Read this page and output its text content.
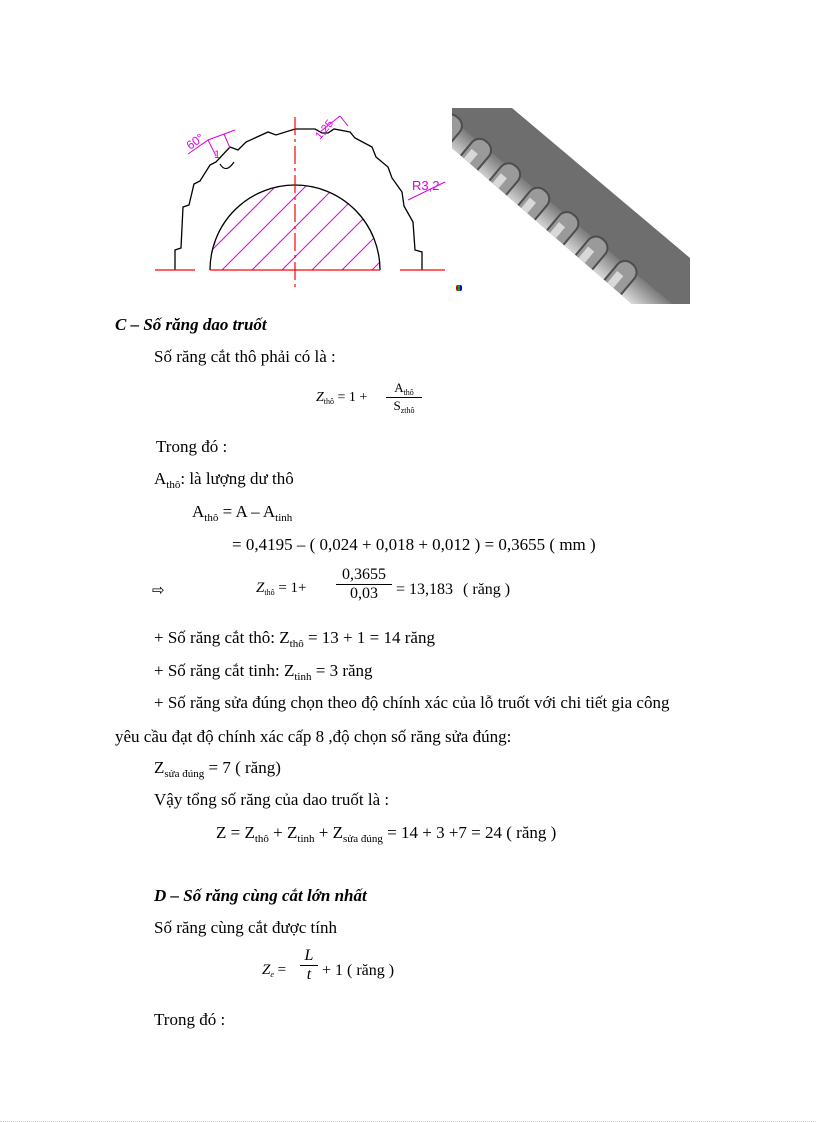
60°
1
1,25
R3,2
C – Số răng dao truốt
Số răng cắt thô phải có là :
$Z_{thô} = 1$ +
$A_{thô}$
$S_{zthô}$
Trong đó :
$A_{thô}$: là lượng dư thô
$A_{thô} = A - A_{tinh}$
= 0,4195 – ( 0,024 + 0,018 + 0,012 ) = 0,3655 ( mm )
⇨	$Z_{thô} = 1+ \frac{0,3655}{0,03} = 13,183$ ( răng )
+ Số răng cắt thô: $Z_{thô} = 13 + 1 = 14$ răng
+ Số răng cắt tinh: $Z_{tinh} = 3$ răng
+ Số răng sửa đúng chọn theo độ chính xác của lỗ truốt với chi tiết gia công
yêu cầu đạt độ chính xác cấp 8 ,độ chọn số răng sửa đúng:
$Z_{sửa đúng} = 7$ ( răng)
Vậy tổng số răng của dao truốt là :
$Z = Z_{thô} + Z_{tinh} + Z_{sửa đúng} = 14 + 3 +7 = 24$ ( răng )
D – Số răng cùng cắt lớn nhất
Số răng cùng cắt được tính
$Z_e = \frac{L}{t} + 1$ ( răng )
Trong đó :
